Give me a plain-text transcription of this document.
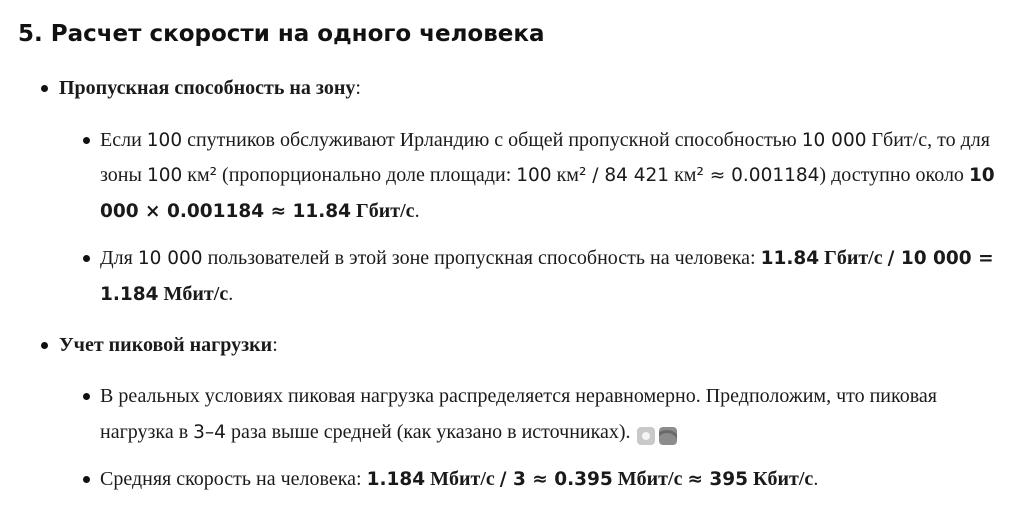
5. Расчет скорости на одного человека
Пропускная способность на зону:
Если 100 спутников обслуживают Ирландию с общей пропускной способностью 10 000 Гбит/с, то для
зоны 100 км² (пропорционально доле площади: 100 км² / 84 421 км² ≈ 0.001184) доступно около 10
000 × 0.001184 ≈ 11.84 Гбит/с.
Для 10 000 пользователей в этой зоне пропускная способность на человека: 11.84 Гбит/с / 10 000 =
1.184 Мбит/с.
Учет пиковой нагрузки:
В реальных условиях пиковая нагрузка распределяется неравномерно. Предположим, что пиковая
нагрузка в 3–4 раза выше средней (как указано в источниках).
Средняя скорость на человека: 1.184 Мбит/с / 3 ≈ 0.395 Мбит/с ≈ 395 Кбит/с.
